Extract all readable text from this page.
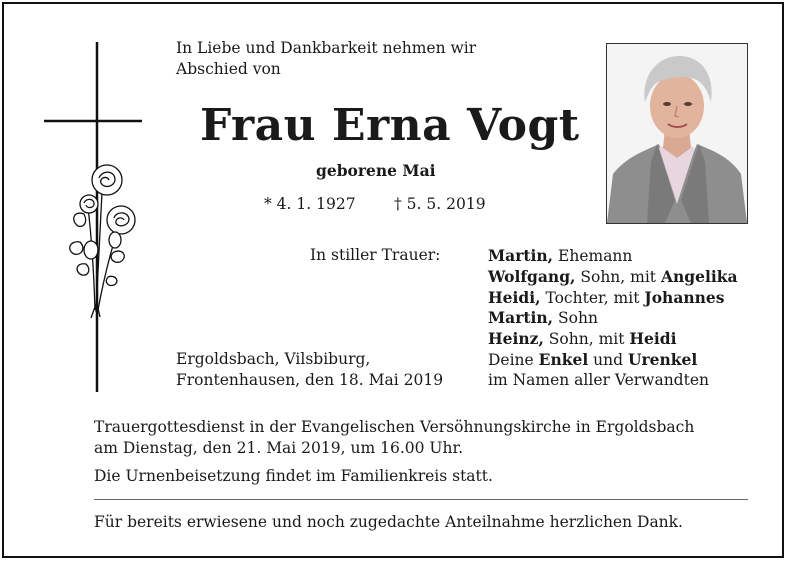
In Liebe und Dankbarkeit nehmen wir
Abschied von
Frau Erna Vogt
geborene Mai
* 4. 1. 1927 † 5. 5. 2019
In stiller Trauer:	Martin, Ehemann
Wolfgang, Sohn, mit Angelika
Heidi, Tochter, mit Johannes
Martin, Sohn
Heinz, Sohn, mit Heidi
Deine Enkel und Urenkel
im Namen aller Verwandten
Ergoldsbach, Vilsbiburg,
Frontenhausen, den 18. Mai 2019
Trauergottesdienst in der Evangelischen Versöhnungskirche in Ergoldsbach
am Dienstag, den 21. Mai 2019, um 16.00 Uhr.
Die Urnenbeisetzung findet im Familienkreis statt.
Für bereits erwiesene und noch zugedachte Anteilnahme herzlichen Dank.
